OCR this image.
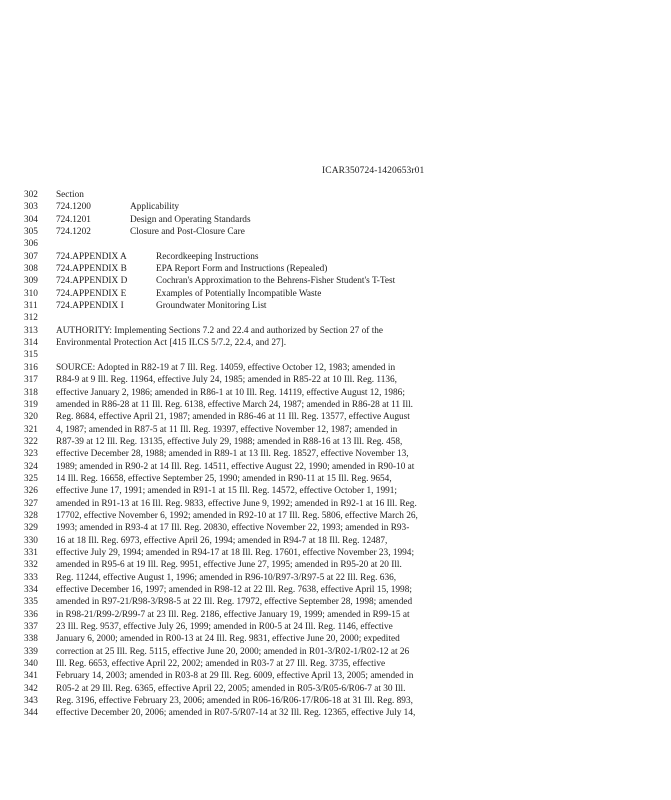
ICAR350724-1420653r01
302	Section
303	724.1200	Applicability
304	724.1201	Design and Operating Standards
305	724.1202	Closure and Post-Closure Care
306
307	724.APPENDIX A	Recordkeeping Instructions
308	724.APPENDIX B	EPA Report Form and Instructions (Repealed)
309	724.APPENDIX D	Cochran's Approximation to the Behrens-Fisher Student's T-Test
310	724.APPENDIX E	Examples of Potentially Incompatible Waste
311	724.APPENDIX I	Groundwater Monitoring List
312
313	AUTHORITY: Implementing Sections 7.2 and 22.4 and authorized by Section 27 of the
314	Environmental Protection Act [415 ILCS 5/7.2, 22.4, and 27].
315
316	SOURCE: Adopted in R82-19 at 7 Ill. Reg. 14059, effective October 12, 1983; amended in
317	R84-9 at 9 Ill. Reg. 11964, effective July 24, 1985; amended in R85-22 at 10 Ill. Reg. 1136,
318	effective January 2, 1986; amended in R86-1 at 10 Ill. Reg. 14119, effective August 12, 1986;
319	amended in R86-28 at 11 Ill. Reg. 6138, effective March 24, 1987; amended in R86-28 at 11 Ill.
320	Reg. 8684, effective April 21, 1987; amended in R86-46 at 11 Ill. Reg. 13577, effective August
321	4, 1987; amended in R87-5 at 11 Ill. Reg. 19397, effective November 12, 1987; amended in
322	R87-39 at 12 Ill. Reg. 13135, effective July 29, 1988; amended in R88-16 at 13 Ill. Reg. 458,
323	effective December 28, 1988; amended in R89-1 at 13 Ill. Reg. 18527, effective November 13,
324	1989; amended in R90-2 at 14 Ill. Reg. 14511, effective August 22, 1990; amended in R90-10 at
325	14 Ill. Reg. 16658, effective September 25, 1990; amended in R90-11 at 15 Ill. Reg. 9654,
326	effective June 17, 1991; amended in R91-1 at 15 Ill. Reg. 14572, effective October 1, 1991;
327	amended in R91-13 at 16 Ill. Reg. 9833, effective June 9, 1992; amended in R92-1 at 16 Ill. Reg.
328	17702, effective November 6, 1992; amended in R92-10 at 17 Ill. Reg. 5806, effective March 26,
329	1993; amended in R93-4 at 17 Ill. Reg. 20830, effective November 22, 1993; amended in R93-
330	16 at 18 Ill. Reg. 6973, effective April 26, 1994; amended in R94-7 at 18 Ill. Reg. 12487,
331	effective July 29, 1994; amended in R94-17 at 18 Ill. Reg. 17601, effective November 23, 1994;
332	amended in R95-6 at 19 Ill. Reg. 9951, effective June 27, 1995; amended in R95-20 at 20 Ill.
333	Reg. 11244, effective August 1, 1996; amended in R96-10/R97-3/R97-5 at 22 Ill. Reg. 636,
334	effective December 16, 1997; amended in R98-12 at 22 Ill. Reg. 7638, effective April 15, 1998;
335	amended in R97-21/R98-3/R98-5 at 22 Ill. Reg. 17972, effective September 28, 1998; amended
336	in R98-21/R99-2/R99-7 at 23 Ill. Reg. 2186, effective January 19, 1999; amended in R99-15 at
337	23 Ill. Reg. 9537, effective July 26, 1999; amended in R00-5 at 24 Ill. Reg. 1146, effective
338	January 6, 2000; amended in R00-13 at 24 Ill. Reg. 9831, effective June 20, 2000; expedited
339	correction at 25 Ill. Reg. 5115, effective June 20, 2000; amended in R01-3/R02-1/R02-12 at 26
340	Ill. Reg. 6653, effective April 22, 2002; amended in R03-7 at 27 Ill. Reg. 3735, effective
341	February 14, 2003; amended in R03-8 at 29 Ill. Reg. 6009, effective April 13, 2005; amended in
342	R05-2 at 29 Ill. Reg. 6365, effective April 22, 2005; amended in R05-3/R05-6/R06-7 at 30 Ill.
343	Reg. 3196, effective February 23, 2006; amended in R06-16/R06-17/R06-18 at 31 Ill. Reg. 893,
344	effective December 20, 2006; amended in R07-5/R07-14 at 32 Ill. Reg. 12365, effective July 14,
